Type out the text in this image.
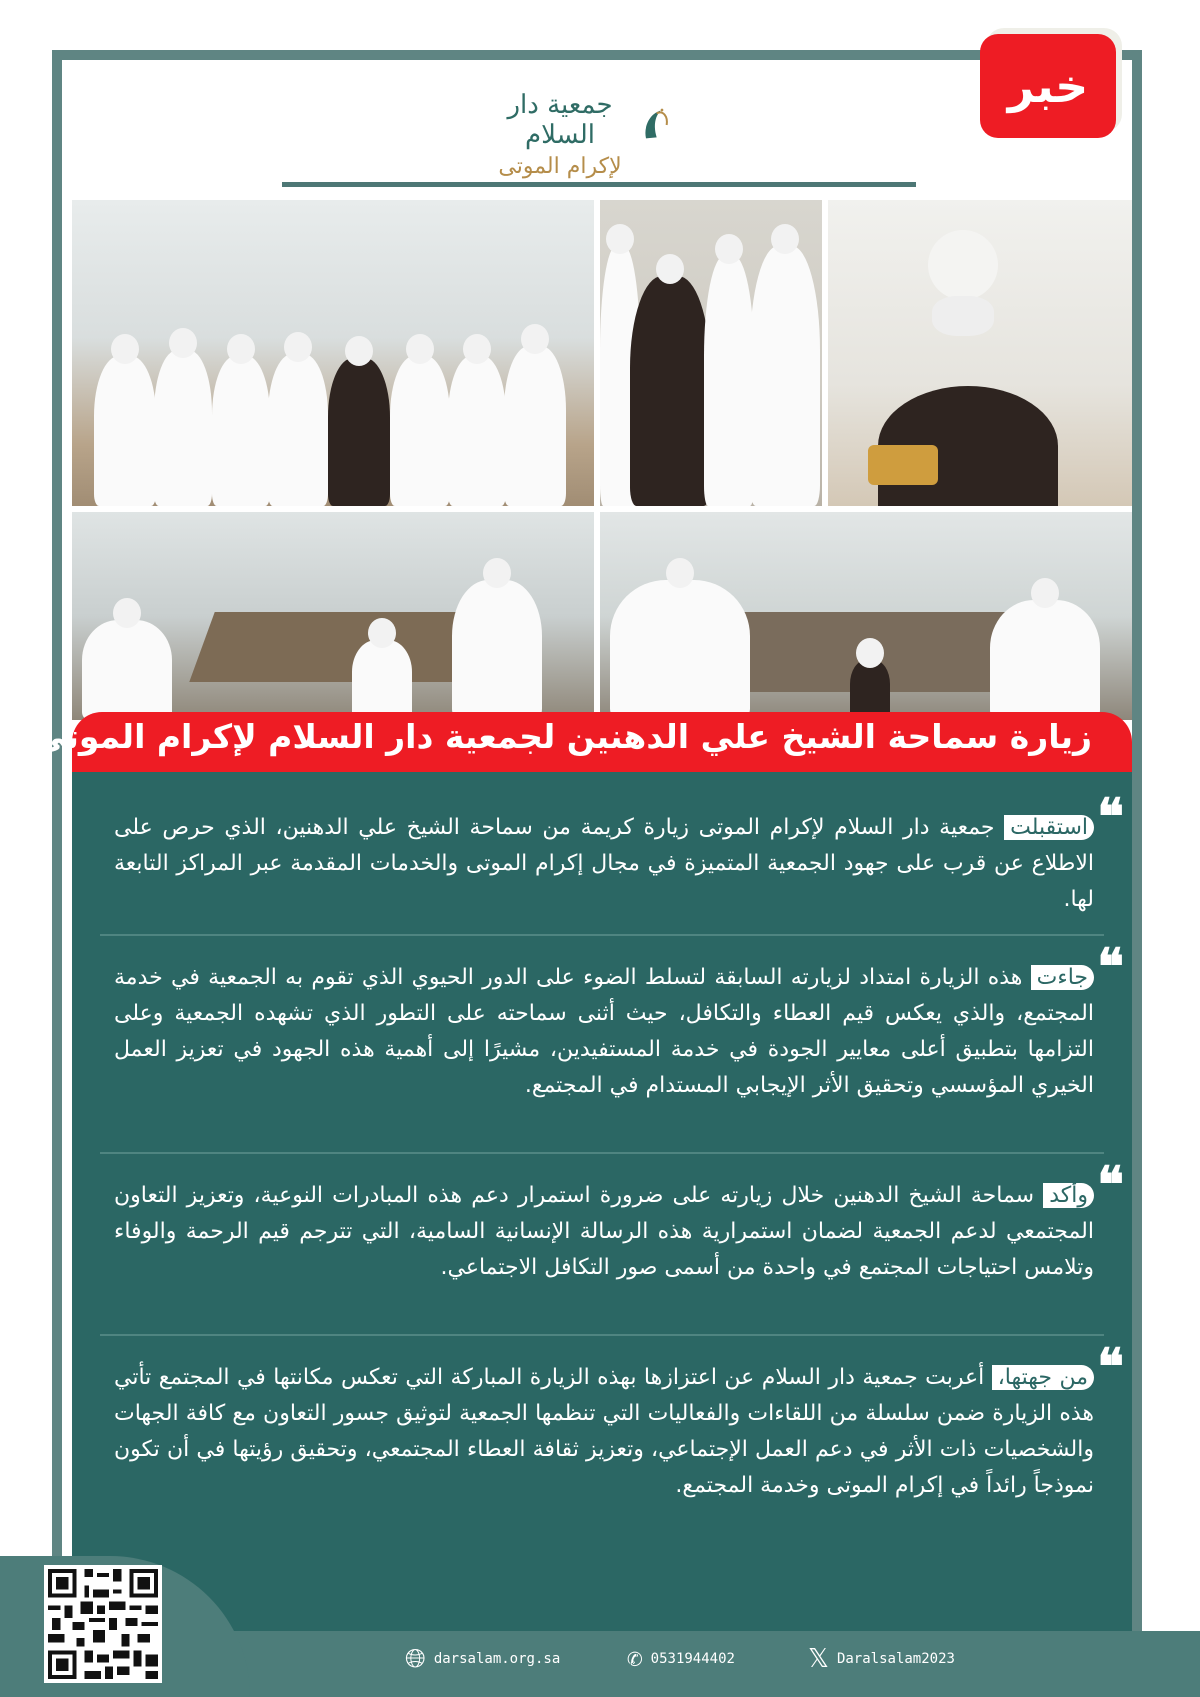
خبر
جمعية دار السلام
لإكرام الموتى
زيارة سماحة الشيخ علي الدهنين لجمعية دار السلام لإكرام الموتى
❝
استقبلت جمعية دار السلام لإكرام الموتى زيارة كريمة من سماحة الشيخ علي الدهنين، الذي حرص على الاطلاع عن قرب على جهود الجمعية المتميزة في مجال إكرام الموتى والخدمات المقدمة عبر المراكز التابعة لها.
❝
جاءت هذه الزيارة امتداد لزيارته السابقة لتسلط الضوء على الدور الحيوي الذي تقوم به الجمعية في خدمة المجتمع، والذي يعكس قيم العطاء والتكافل، حيث أثنى سماحته على التطور الذي تشهده الجمعية وعلى التزامها بتطبيق أعلى معايير الجودة في خدمة المستفيدين، مشيرًا إلى أهمية هذه الجهود في تعزيز العمل الخيري المؤسسي وتحقيق الأثر الإيجابي المستدام في المجتمع.
❝
وأكد سماحة الشيخ الدهنين خلال زيارته على ضرورة استمرار دعم هذه المبادرات النوعية، وتعزيز التعاون المجتمعي لدعم الجمعية لضمان استمرارية هذه الرسالة الإنسانية السامية، التي تترجم قيم الرحمة والوفاء وتلامس احتياجات المجتمع في واحدة من أسمى صور التكافل الاجتماعي.
❝
من جهتها، أعربت جمعية دار السلام عن اعتزازها بهذه الزيارة المباركة التي تعكس مكانتها في المجتمع تأتي هذه الزيارة ضمن سلسلة من اللقاءات والفعاليات التي تنظمها الجمعية لتوثيق جسور التعاون مع كافة الجهات والشخصيات ذات الأثر في دعم العمل الإجتماعي، وتعزيز ثقافة العطاء المجتمعي، وتحقيق رؤيتها في أن تكون نموذجاً رائداً في إكرام الموتى وخدمة المجتمع.
🌐︎ darsalam.org.sa	✆ 0531944402	𝕏 Daralsalam2023
